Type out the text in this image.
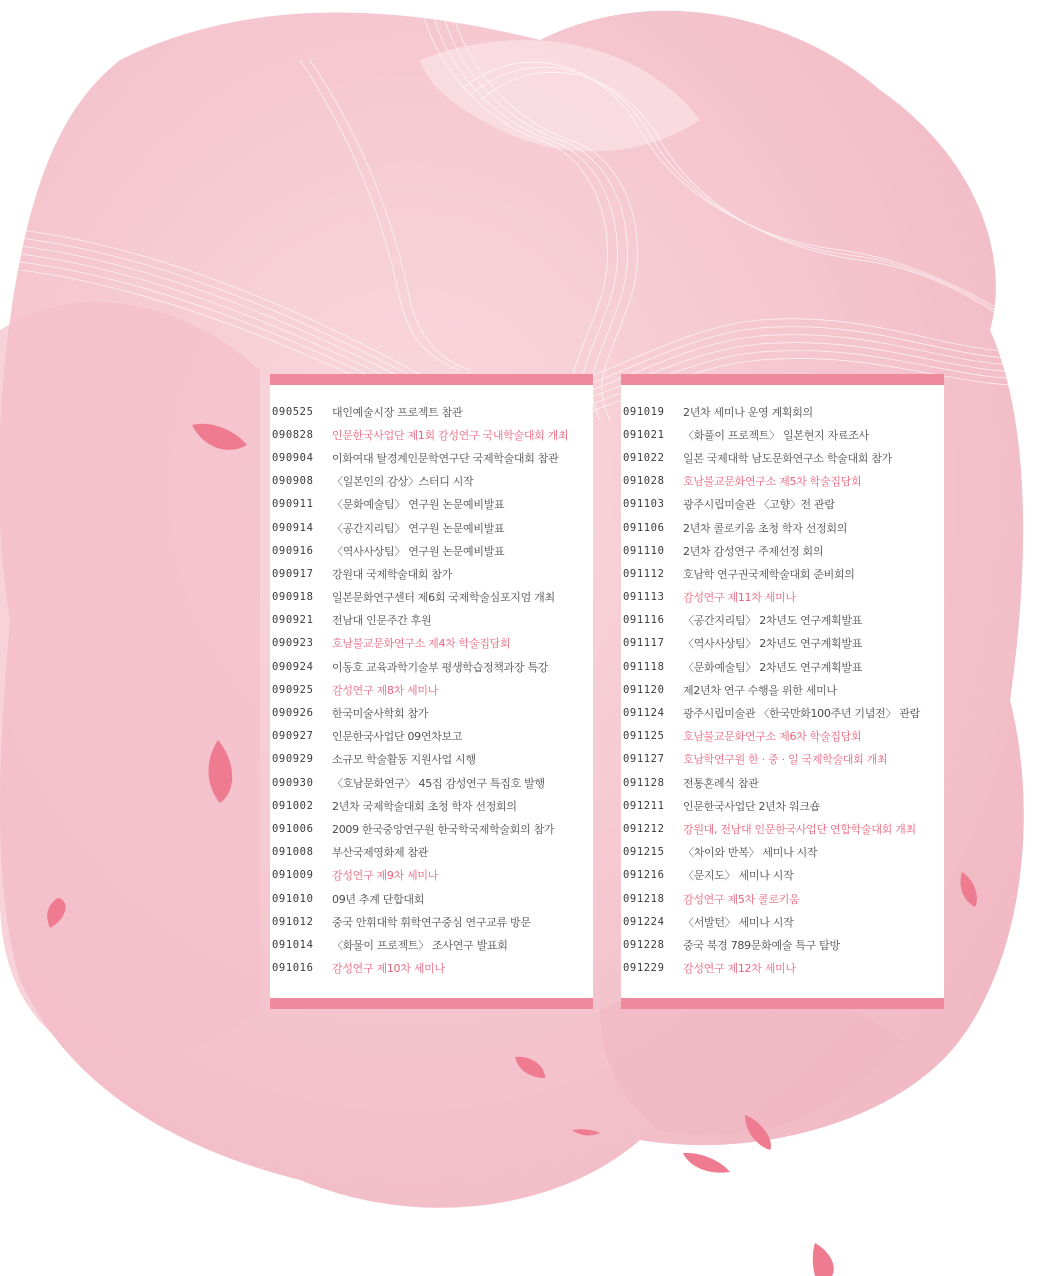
090525	대인예술시장 프로젝트 참관
090828	인문한국사업단 제1회 감성연구 국내학술대회 개최
090904	이화여대 탈경계인문학연구단 국제학술대회 참관
090908	〈일본인의 감상〉스터디 시작
090911	〈문화예술팀〉 연구원 논문예비발표
090914	〈공간지리팀〉 연구원 논문예비발표
090916	〈역사사상팀〉 연구원 논문예비발표
090917	강원대 국제학술대회 참가
090918	일본문화연구센터 제6회 국제학술심포지엄 개최
090921	전남대 인문주간 후원
090923	호남불교문화연구소 제4차 학술집담회
090924	이동호 교육과학기술부 평생학습정책과장 특강
090925	감성연구 제8차 세미나
090926	한국미술사학회 참가
090927	인문한국사업단 09연차보고
090929	소규모 학술활동 지원사업 시행
090930	〈호남문화연구〉 45집 감성연구 특집호 발행
091002	2년차 국제학술대회 초청 학자 선정회의
091006	2009 한국중앙연구원 한국학국제학술회의 참가
091008	부산국제영화제 참관
091009	감성연구 제9차 세미나
091010	09년 추계 단합대회
091012	중국 안휘대학 휘학연구중심 연구교류 방문
091014	〈화물이 프로젝트〉 조사연구 발표회
091016	감성연구 제10차 세미나
091019	2년차 세미나 운영 계획회의
091021	〈화풀이 프로젝트〉 일본현지 자료조사
091022	일본 국제대학 남도문화연구소 학술대회 참가
091028	호남불교문화연구소 제5차 학술집담회
091103	광주시립미술관 〈고향〉전 관람
091106	2년차 콜로키움 초청 학자 선정회의
091110	2년차 감성연구 주제선정 회의
091112	호남학 연구권국제학술대회 준비회의
091113	감성연구 제11차 세미나
091116	〈공간지리팀〉 2차년도 연구계획발표
091117	〈역사사상팀〉 2차년도 연구계획발표
091118	〈문화예술팀〉 2차년도 연구계획발표
091120	제2년차 연구 수행을 위한 세미나
091124	광주시립미술관 〈한국만화100주년 기념전〉 관람
091125	호남불교문화연구소 제6차 학술집담회
091127	호남학연구원 한 · 중 · 일 국제학술대회 개최
091128	전통혼례식 참관
091211	인문한국사업단 2년차 워크숍
091212	강원대, 전남대 인문한국사업단 연합학술대회 개최
091215	〈차이와 반복〉 세미나 시작
091216	〈문지도〉 세미나 시작
091218	감성연구 제5차 콜로키움
091224	〈서발턴〉 세미나 시작
091228	중국 북경 789문화예술 특구 탐방
091229	감성연구 제12차 세미나
